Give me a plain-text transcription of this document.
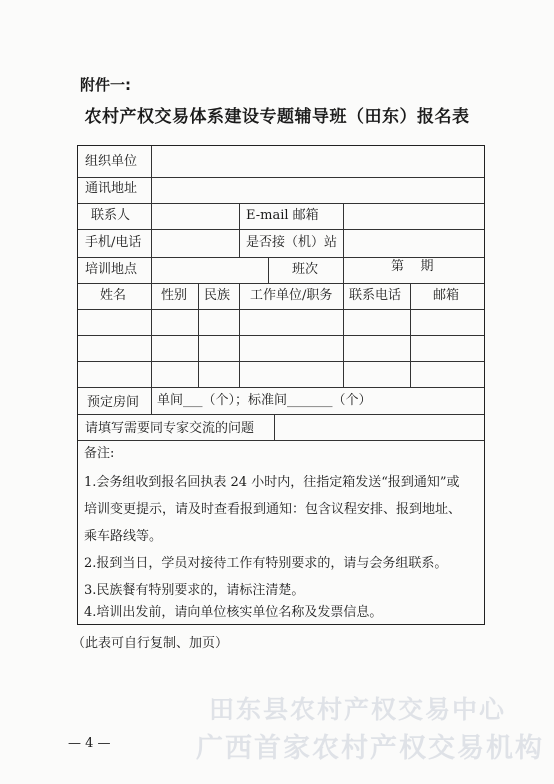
附件一:
农村产权交易体系建设专题辅导班（田东）报名表
组织单位
通讯地址
联系人	E-mail 邮箱
手机/电话	是否接（机）站
培训地点	班次	第    期
姓名	性别 民族 工作单位/职务 联系电话 邮箱
预定房间 单间___（个）；标准间_______（个）
请填写需要同专家交流的问题
备注:
1.会务组收到报名回执表 24 小时内，往指定箱发送“报到通知”或
培训变更提示，请及时查看报到通知：包含议程安排、报到地址、
乘车路线等。
2.报到当日，学员对接待工作有特别要求的，请与会务组联系。
3.民族餐有特别要求的，请标注清楚。
4.培训出发前，请向单位核实单位名称及发票信息。
（此表可自行复制、加页）
— 4 —
田东县农村产权交易中心
广西首家农村产权交易机构
